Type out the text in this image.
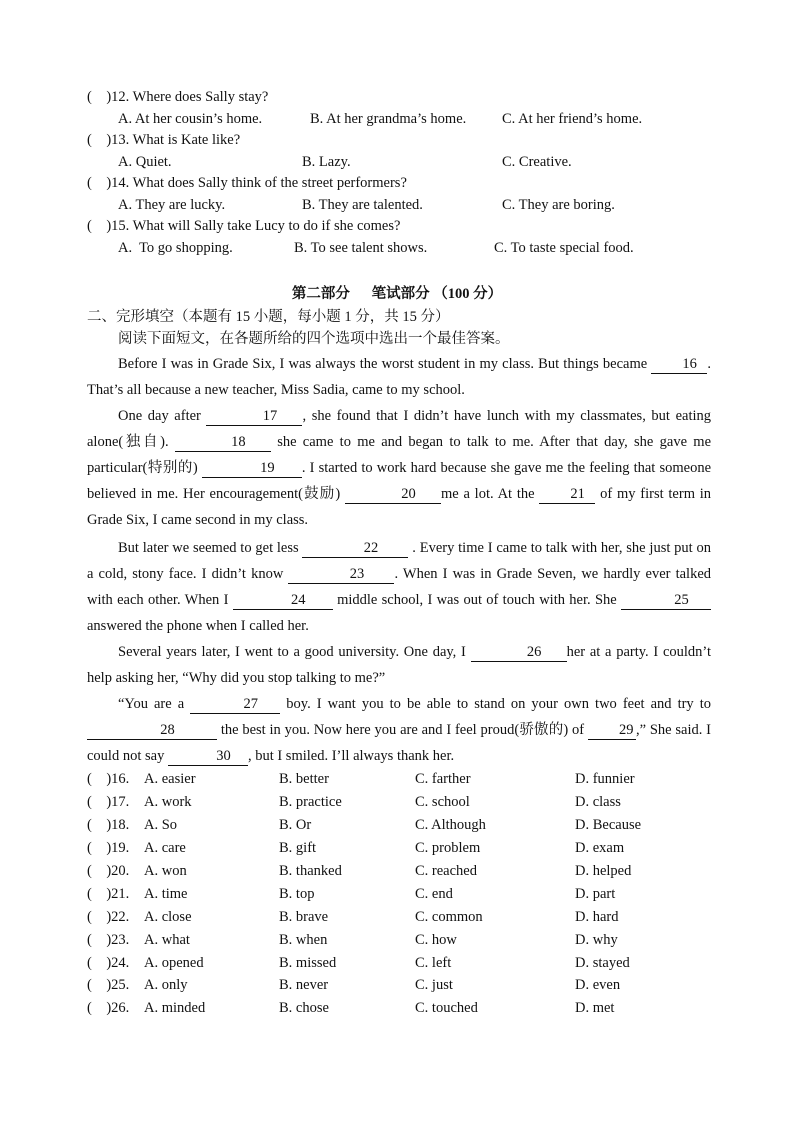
(    )12. Where does Sally stay?
A. At her cousin’s home.	B. At her grandma’s home. C. At her friend’s home.
(    )13. What is Kate like?
A. Quiet.	B. Lazy.	C. Creative.
(    )14. What does Sally think of the street performers?
A. They are lucky.	B. They are talented.	C. They are boring.
(    )15. What will Sally take Lucy to do if she comes?
A.  To go shopping.	B. To see talent shows.	C. To taste special food.
第二部分　  笔试部分 （100 分）
二、完形填空（本题有 15 小题，每小题 1 分，共 15 分）
阅读下面短文，在各题所给的四个选项中选出一个最佳答案。
Before I was in Grade Six, I was always the worst student in my class. But things became 16 . That’s all because a new teacher, Miss Sadia, came to my school.
One day after	17 , she found that I didn’t have lunch with my classmates, but eating alone(独自).	18 she came to me and began to talk to me. After that day, she gave me particular(特别的)	19 . I started to work hard because she gave me the feeling that someone believed in me. Her encouragement(鼓励)	20 me a lot. At the 21 of my first term in Grade Six, I came second in my class.
But later we seemed to get less	22 . Every time I came to talk with her, she just put on a cold, stony face. I didn’t know	23 . When I was in Grade Seven, we hardly ever talked with each other. When I	24 middle school, I was out of touch with her. She	25 answered the phone when I called her.
Several years later, I went to a good university. One day, I	26 her at a party. I couldn’t help asking her, “Why did you stop talking to me?”
“You are a	27 boy. I want you to be able to stand on your own two feet and try to 28	the best in you. Now here you are and I feel proud(骄傲的) of 29 ,” She said. I could not say	30 , but I smiled. I’ll always thank her.
(    )16. A. easier	B. better	C. farther	D. funnier
(    )17. A. work	B. practice	C. school	D. class
(    )18. A. So	B. Or	C. Although	D. Because
(    )19. A. care	B. gift	C. problem	D. exam
(    )20. A. won	B. thanked	C. reached	D. helped
(    )21. A. time	B. top	C. end	D. part
(    )22. A. close	B. brave	C. common	D. hard
(    )23. A. what	B. when	C. how	D. why
(    )24. A. opened	B. missed	C. left	D. stayed
(    )25. A. only	B. never	C. just	D. even
(    )26. A. minded	B. chose	C. touched	D. met
